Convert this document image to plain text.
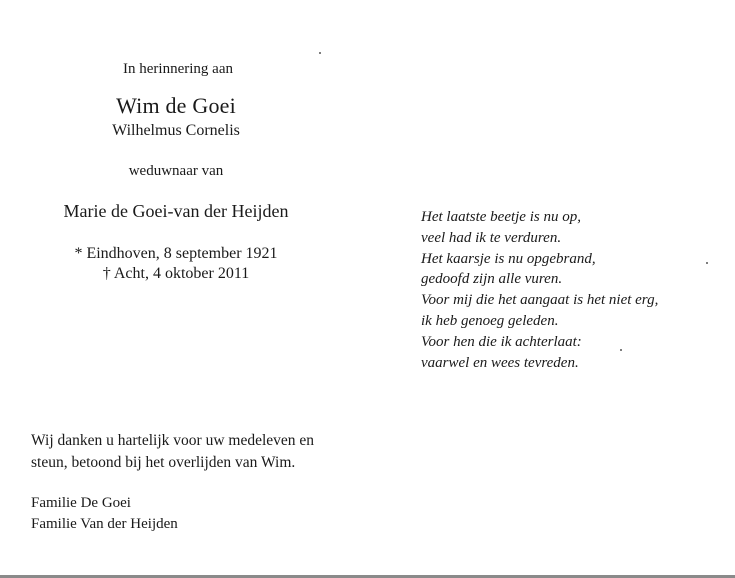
In herinnering aan
Wim de Goei
Wilhelmus Cornelis
weduwnaar van
Marie de Goei-van der Heijden
* Eindhoven, 8 september 1921
† Acht, 4 oktober 2011
Het laatste beetje is nu op,
veel had ik te verduren.
Het kaarsje is nu opgebrand,
gedoofd zijn alle vuren.
Voor mij die het aangaat is het niet erg,
ik heb genoeg geleden.
Voor hen die ik achterlaat:
vaarwel en wees tevreden.
Wij danken u hartelijk voor uw medeleven en
steun, betoond bij het overlijden van Wim.
Familie De Goei
Familie Van der Heijden
